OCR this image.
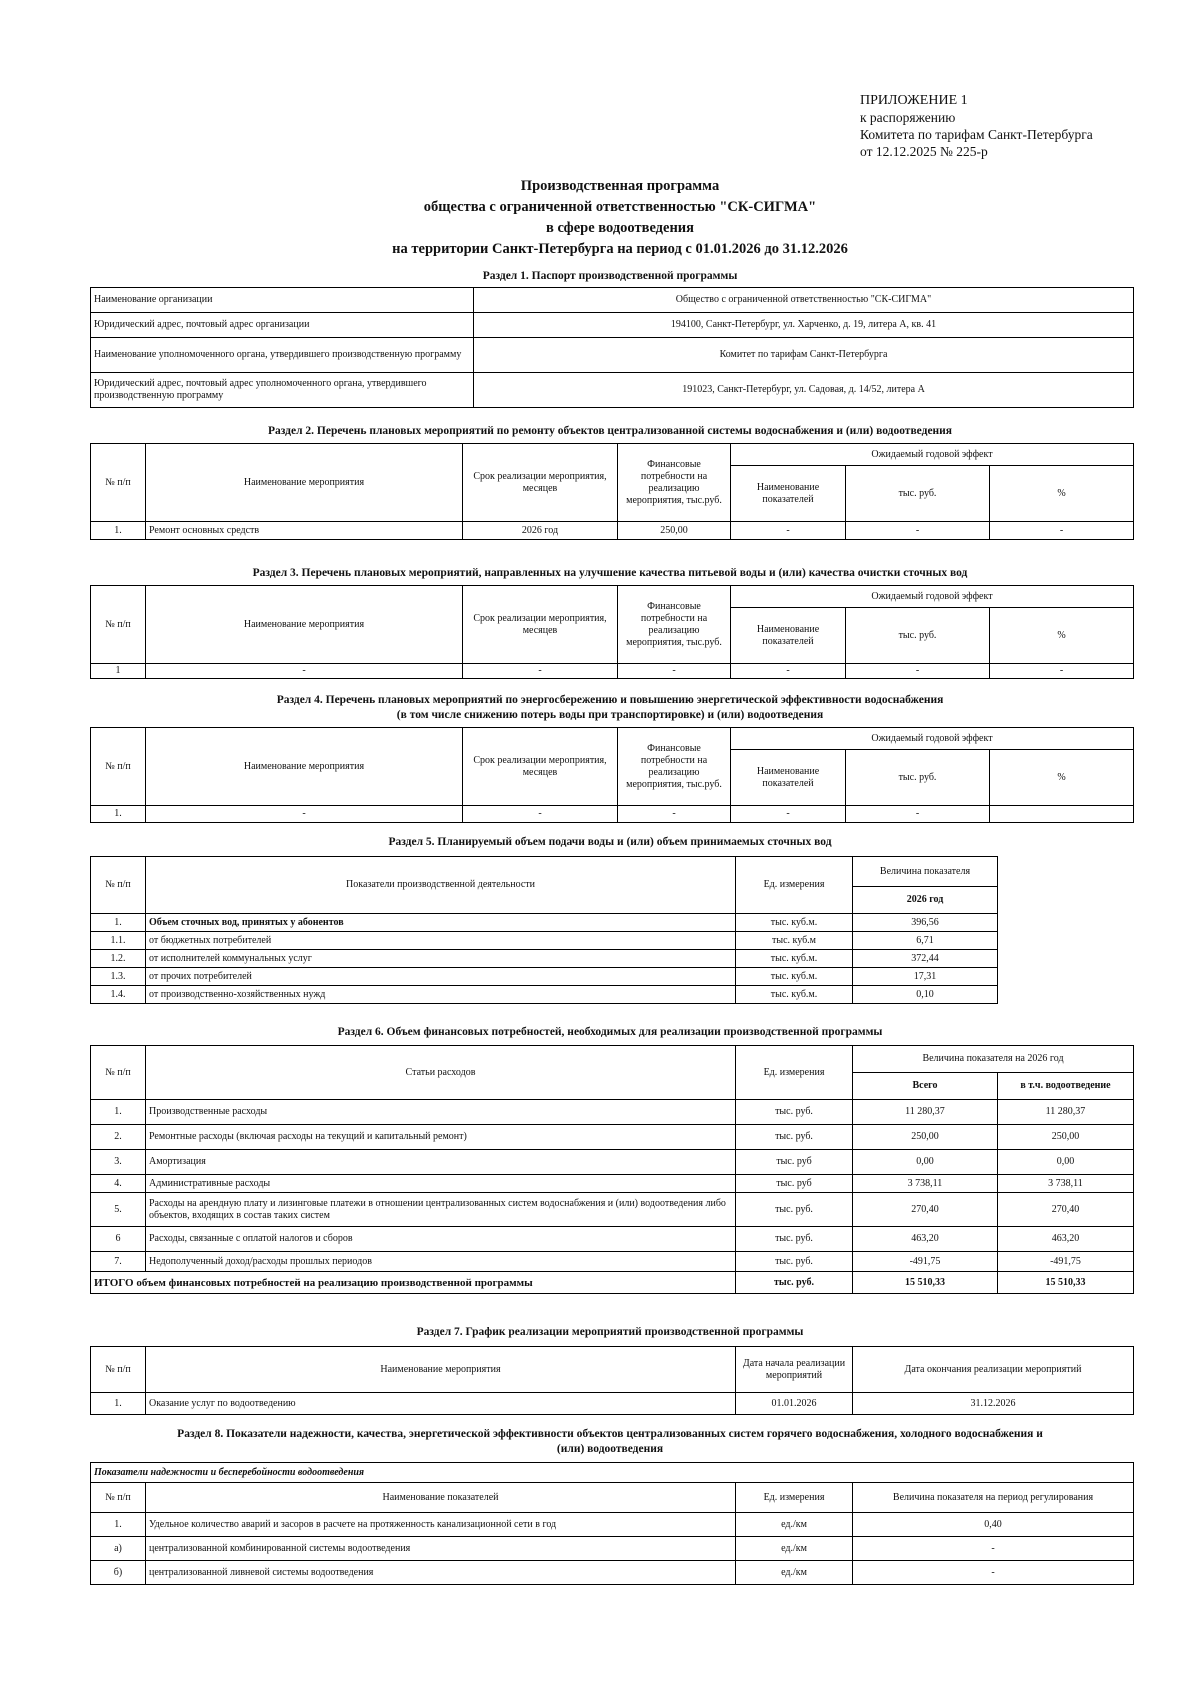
ПРИЛОЖЕНИЕ 1
к распоряжению
Комитета по тарифам Санкт-Петербурга
от 12.12.2025 № 225-р
Производственная программа
общества с ограниченной ответственностью "СК-СИГМА"
в сфере водоотведения
на территории Санкт-Петербурга на период с 01.01.2026 до 31.12.2026
Раздел 1. Паспорт производственной программы
Наименование организации	Общество с ограниченной ответственностью "СК-СИГМА"
Юридический адрес, почтовый адрес организации	194100, Санкт-Петербург, ул. Харченко, д. 19, литера А, кв. 41
Наименование уполномоченного органа, утвердившего производственную программу	Комитет по тарифам Санкт-Петербурга
Юридический адрес, почтовый адрес уполномоченного органа, утвердившего производственную программу	191023, Санкт-Петербург, ул. Садовая, д. 14/52, литера А
Раздел 2. Перечень плановых мероприятий по ремонту объектов централизованной системы водоснабжения и (или) водоотведения
№ п/п	Наименование мероприятия	Срок реализации мероприятия, месяцев	Финансовые потребности на реализацию мероприятия, тыс.руб.	Ожидаемый годовой эффект		
				Наименование показателей	тыс. руб.	%
1.	Ремонт основных средств	2026 год	250,00	-	-	-
Раздел 3. Перечень плановых мероприятий, направленных на улучшение качества питьевой воды и (или) качества очистки сточных вод
№ п/п	Наименование мероприятия	Срок реализации мероприятия, месяцев	Финансовые потребности на реализацию мероприятия, тыс.руб.	Ожидаемый годовой эффект		
				Наименование показателей	тыс. руб.	%
1	-	-	-	-	-	-
Раздел 4. Перечень плановых мероприятий по энергосбережению и повышению энергетической эффективности водоснабжения
(в том числе снижению потерь воды при транспортировке) и (или) водоотведения
№ п/п	Наименование мероприятия	Срок реализации мероприятия, месяцев	Финансовые потребности на реализацию мероприятия, тыс.руб.	Ожидаемый годовой эффект		
				Наименование показателей	тыс. руб.	%
1.	-	-	-	-	-	
Раздел 5. Планируемый объем подачи воды и (или) объем принимаемых сточных вод
№ п/п	Показатели производственной деятельности	Ед. измерения	Величина показателя
			2026 год
1.	Объем сточных вод, принятых у абонентов	тыс. куб.м.	396,56
1.1.	от бюджетных потребителей	тыс. куб.м	6,71
1.2.	от исполнителей коммунальных услуг	тыс. куб.м.	372,44
1.3.	от прочих потребителей	тыс. куб.м.	17,31
1.4.	от производственно-хозяйственных нужд	тыс. куб.м.	0,10
Раздел 6. Объем финансовых потребностей, необходимых для реализации производственной программы
№ п/п	Статьи расходов	Ед. измерения	Величина показателя на 2026 год	
			Всего	в т.ч. водоотведение
1.	Производственные расходы	тыс. руб.	11 280,37	11 280,37
2.	Ремонтные расходы (включая расходы на текущий и капитальный ремонт)	тыс. руб.	250,00	250,00
3.	Амортизация	тыс. руб	0,00	0,00
4.	Административные расходы	тыс. руб	3 738,11	3 738,11
5.	Расходы на арендную плату и лизинговые платежи в отношении централизованных систем водоснабжения и (или) водоотведения либо объектов, входящих в состав таких систем	тыс. руб.	270,40	270,40
6	Расходы, связанные с оплатой налогов и сборов	тыс. руб.	463,20	463,20
7.	Недополученный доход/расходы прошлых периодов	тыс. руб.	-491,75	-491,75
ИТОГО объем финансовых потребностей на реализацию производственной программы		тыс. руб.	15 510,33	15 510,33
Раздел 7. График реализации мероприятий производственной программы
№ п/п	Наименование мероприятия	Дата начала реализации мероприятий	Дата окончания реализации мероприятий
1.	Оказание услуг по водоотведению	01.01.2026	31.12.2026
Раздел 8. Показатели надежности, качества, энергетической эффективности объектов централизованных систем горячего водоснабжения, холодного водоснабжения и
(или) водоотведения
Показатели надежности и бесперебойности водоотведения			
№ п/п	Наименование показателей	Ед. измерения	Величина показателя на период регулирования
1.	Удельное количество аварий и засоров в расчете на протяженность канализационной сети в год	ед./км	0,40
а)	централизованной комбинированной системы водоотведения	ед./км	-
б)	централизованной ливневой системы водоотведения	ед./км	-
